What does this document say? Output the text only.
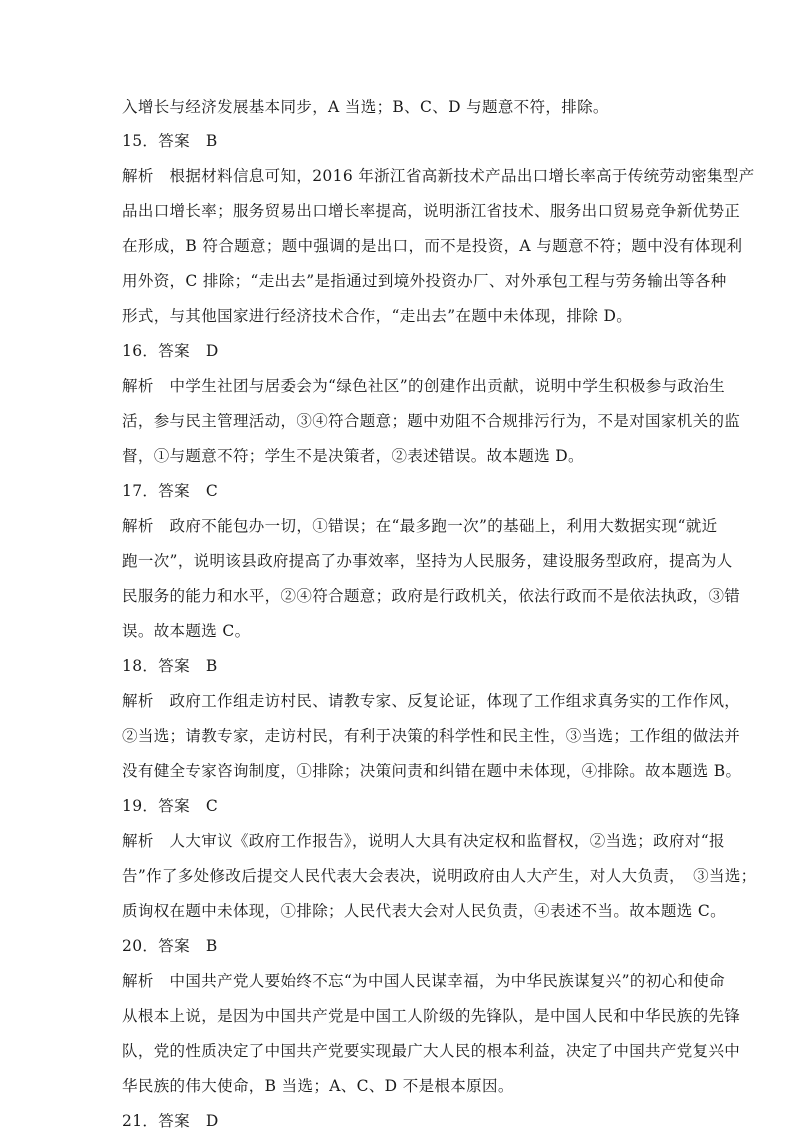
入增长与经济发展基本同步，A 当选；B、C、D 与题意不符，排除。
15．答案　B
解析　根据材料信息可知，2016 年浙江省高新技术产品出口增长率高于传统劳动密集型产
品出口增长率；服务贸易出口增长率提高，说明浙江省技术、服务出口贸易竞争新优势正
在形成，B 符合题意；题中强调的是出口，而不是投资，A 与题意不符；题中没有体现利
用外资，C 排除；“走出去”是指通过到境外投资办厂、对外承包工程与劳务输出等各种
形式，与其他国家进行经济技术合作，“走出去”在题中未体现，排除 D。
16．答案　D
解析　中学生社团与居委会为“绿色社区”的创建作出贡献，说明中学生积极参与政治生
活，参与民主管理活动，③④符合题意；题中劝阻不合规排污行为，不是对国家机关的监
督，①与题意不符；学生不是决策者，②表述错误。故本题选 D。
17．答案　C
解析　政府不能包办一切，①错误；在“最多跑一次”的基础上，利用大数据实现“就近
跑一次”，说明该县政府提高了办事效率，坚持为人民服务，建设服务型政府，提高为人
民服务的能力和水平，②④符合题意；政府是行政机关，依法行政而不是依法执政，③错
误。故本题选 C。
18．答案　B
解析　政府工作组走访村民、请教专家、反复论证，体现了工作组求真务实的工作作风，
②当选；请教专家，走访村民，有利于决策的科学性和民主性，③当选；工作组的做法并
没有健全专家咨询制度，①排除；决策问责和纠错在题中未体现，④排除。故本题选 B。
19．答案　C
解析　人大审议《政府工作报告》，说明人大具有决定权和监督权，②当选；政府对“报
告”作了多处修改后提交人民代表大会表决，说明政府由人大产生，对人大负责，　③当选；
质询权在题中未体现，①排除；人民代表大会对人民负责，④表述不当。故本题选 C。
20．答案　B
解析　中国共产党人要始终不忘“为中国人民谋幸福，为中华民族谋复兴”的初心和使命
从根本上说，是因为中国共产党是中国工人阶级的先锋队，是中国人民和中华民族的先锋
队，党的性质决定了中国共产党要实现最广大人民的根本利益，决定了中国共产党复兴中
华民族的伟大使命，B 当选；A、C、D 不是根本原因。
21．答案　D
